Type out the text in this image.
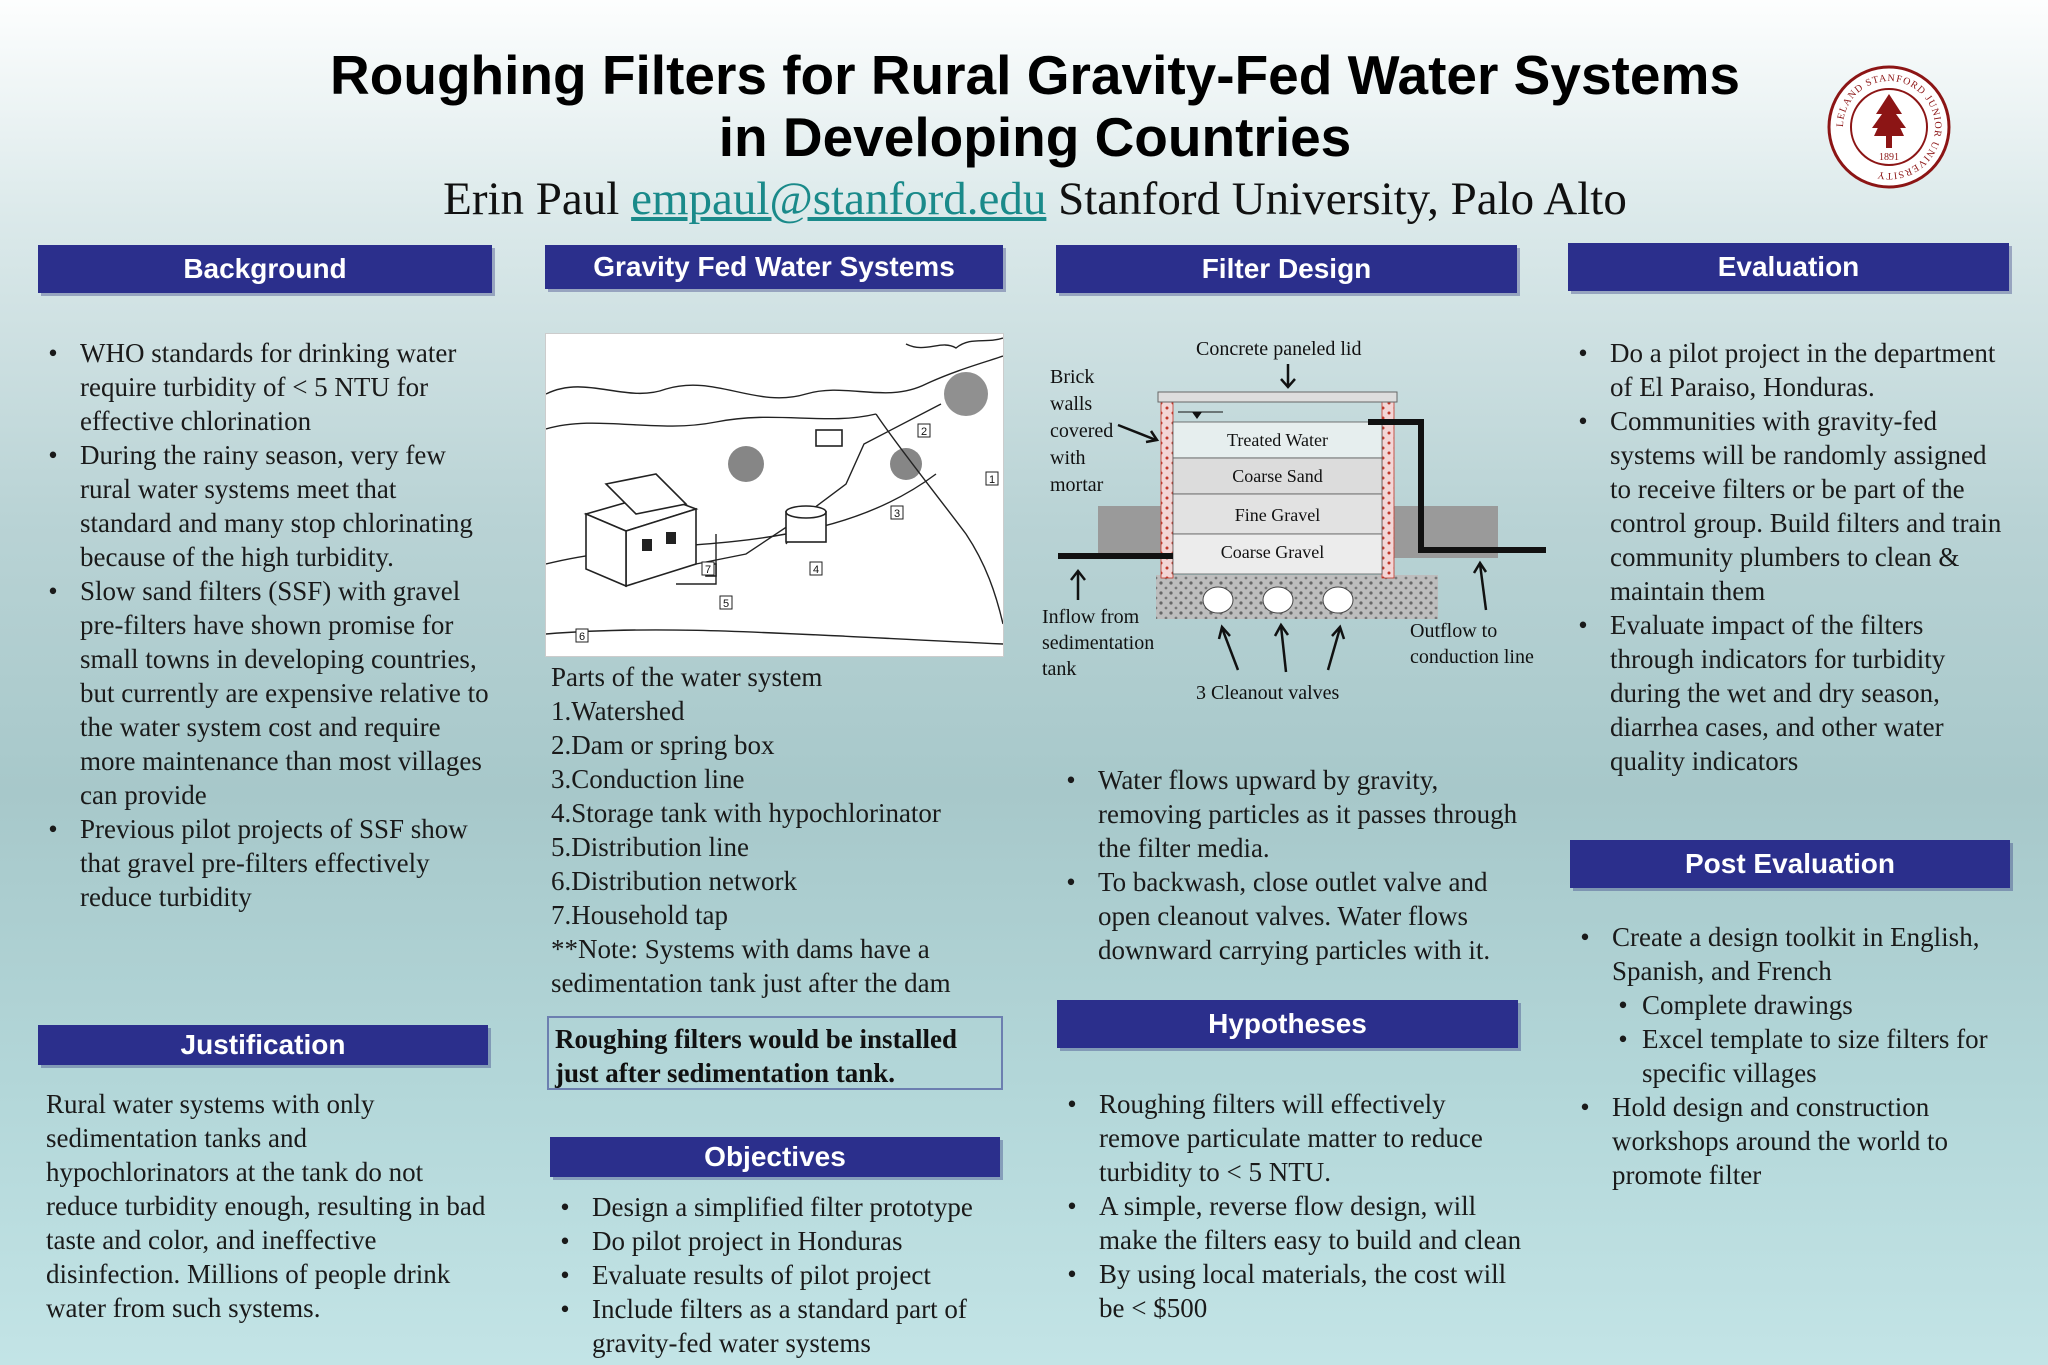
Roughing Filters for Rural Gravity-Fed Water Systems
in Developing Countries
Erin Paul empaul@stanford.edu Stanford University, Palo Alto
LELAND STANFORD JUNIOR UNIVERSITY
1891
Background
• WHO standards for drinking water require turbidity of < 5 NTU for effective chlorination
• During the rainy season, very few rural water systems meet that standard and many stop chlorinating because of the high turbidity.
• Slow sand filters (SSF) with gravel pre-filters have shown promise for small towns in developing countries, but currently are expensive relative to the water system cost and require more maintenance than most villages can provide
• Previous pilot projects of SSF show that gravel pre-filters effectively reduce turbidity
Justification
Rural water systems with only sedimentation tanks and hypochlorinators at the tank do not reduce turbidity enough, resulting in bad taste and color, and ineffective disinfection. Millions of people drink water from such systems.
Gravity Fed Water Systems
1
2
3
4
5
6
7
Parts of the water system
1.Watershed
2.Dam or spring box
3.Conduction line
4.Storage tank with hypochlorinator
5.Distribution line
6.Distribution network
7.Household tap
**Note: Systems with dams have a sedimentation tank just after the dam
Roughing filters would be installed just after sedimentation tank.
Objectives
• Design a simplified filter prototype
• Do pilot project in Honduras
• Evaluate results of pilot project
• Include filters as a standard part of gravity-fed water systems
Filter Design
Concrete paneled lid
Brick walls covered with mortar
Treated Water
Coarse Sand
Fine Gravel
Coarse Gravel
Inflow from sedimentation tank
Outflow to conduction line
3 Cleanout valves
• Water flows upward by gravity, removing particles as it passes through the filter media.
• To backwash, close outlet valve and open cleanout valves. Water flows downward carrying particles with it.
Hypotheses
• Roughing filters will effectively remove particulate matter to reduce turbidity to < 5 NTU.
• A simple, reverse flow design, will make the filters easy to build and clean
• By using local materials, the cost will be < $500
Evaluation
• Do a pilot project in the department of El Paraiso, Honduras.
• Communities with gravity-fed systems will be randomly assigned to receive filters or be part of the control group. Build filters and train community plumbers to clean & maintain them
• Evaluate impact of the filters through indicators for turbidity during the wet and dry season, diarrhea cases, and other water quality indicators
Post Evaluation
• Create a design toolkit in English, Spanish, and French
• Complete drawings
• Excel template to size filters for specific villages
• Hold design and construction workshops around the world to promote filter
